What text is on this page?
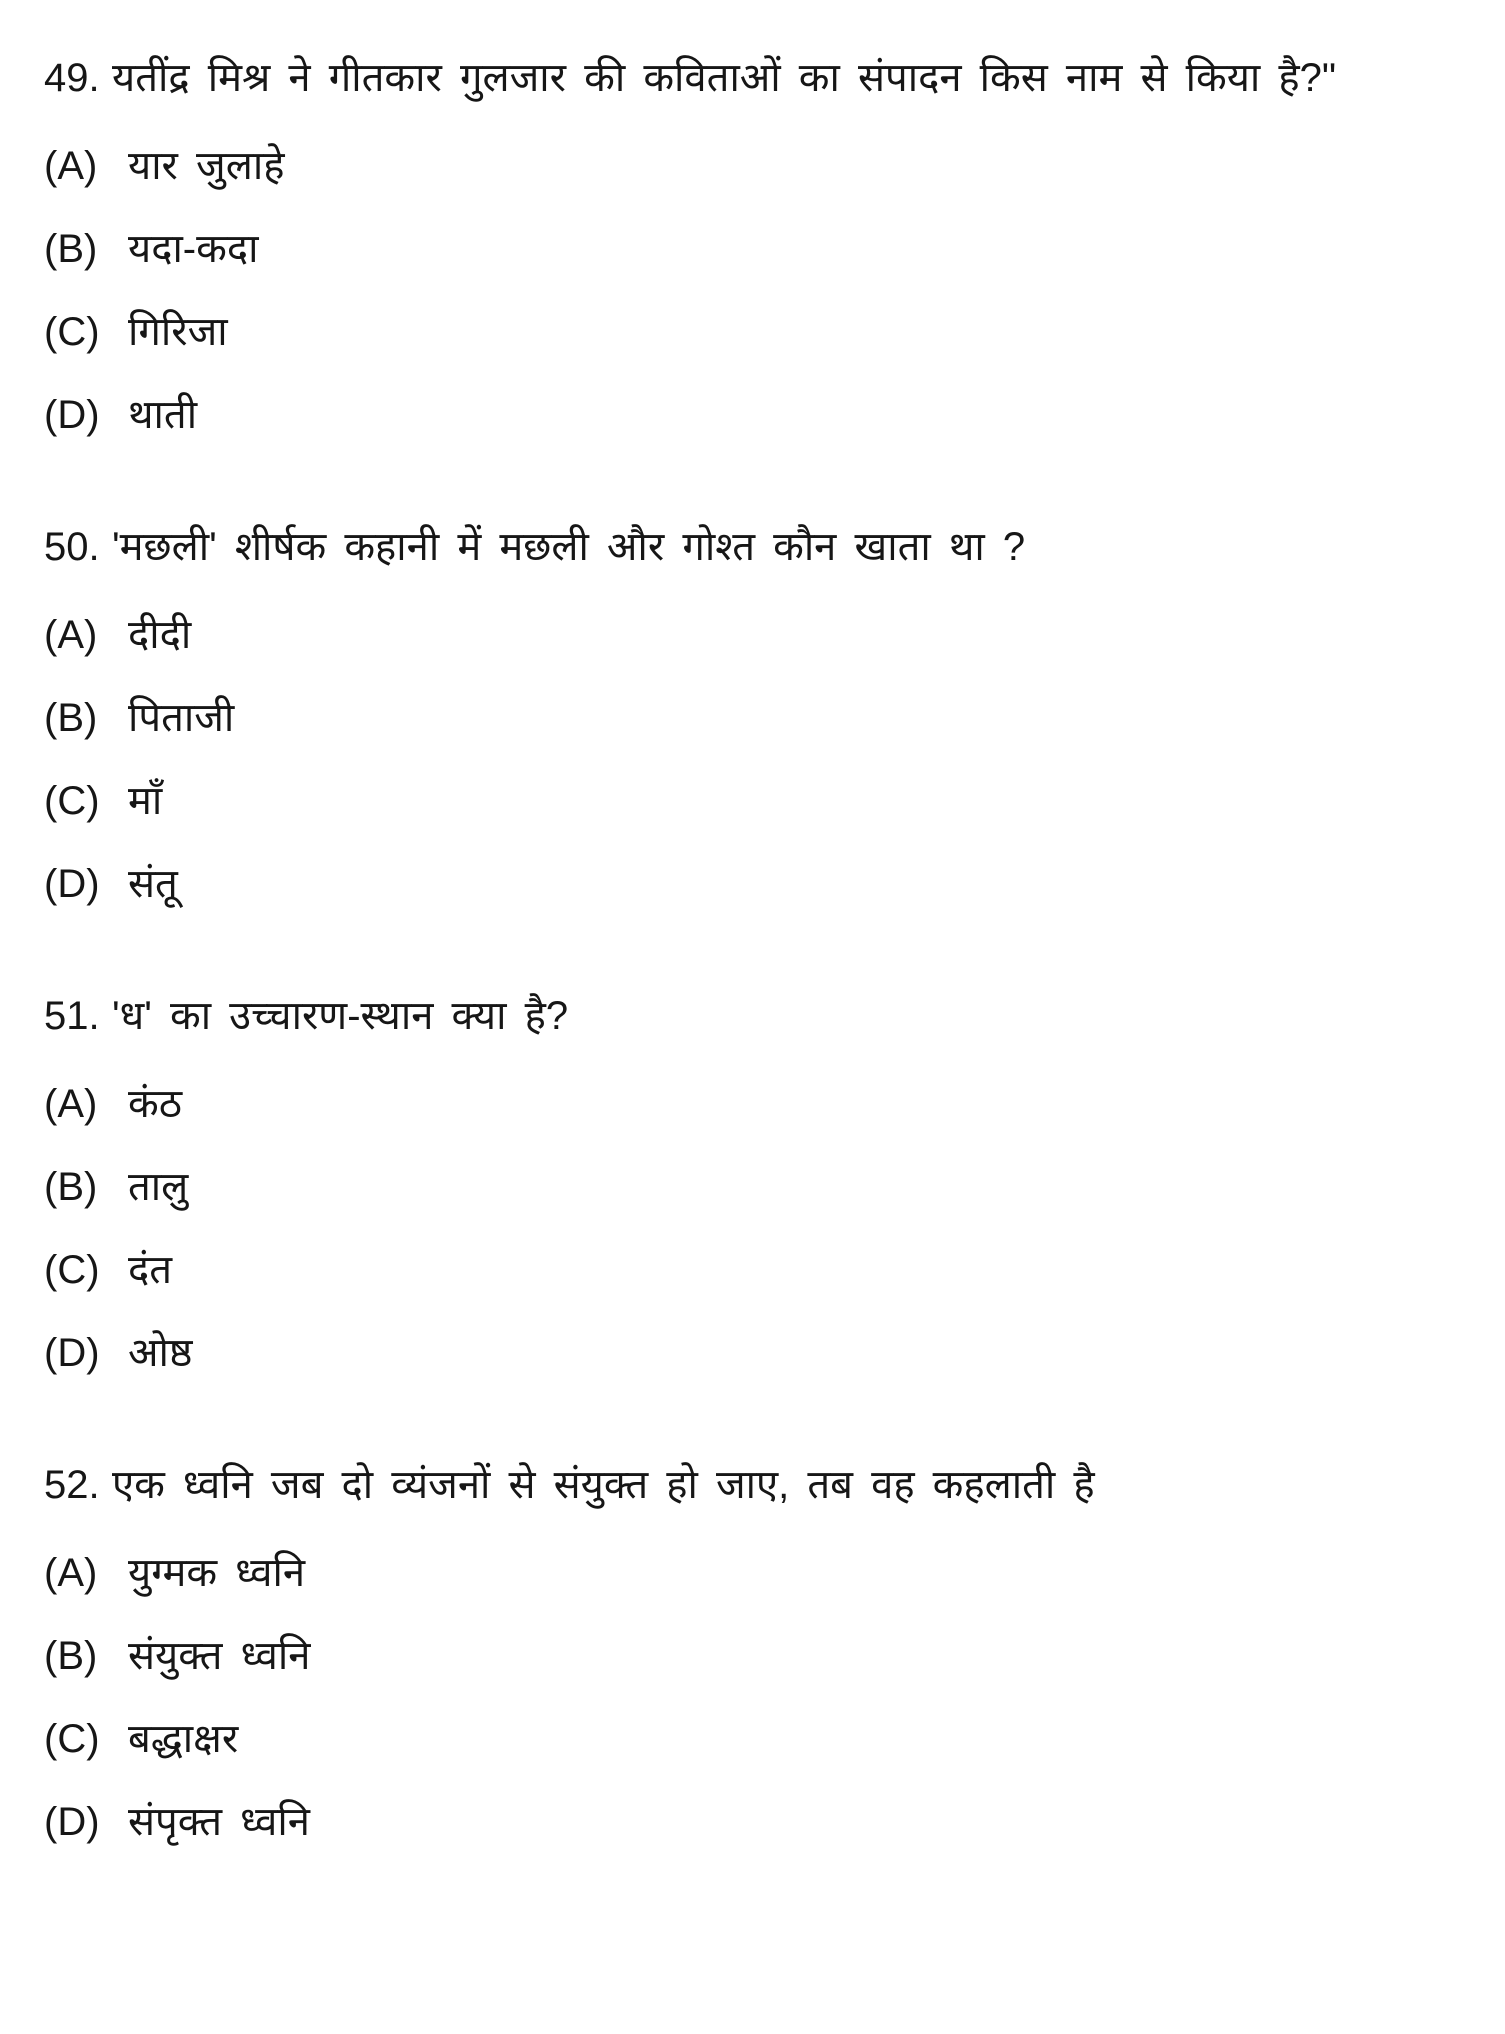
49. यतींद्र मिश्र ने गीतकार गुलजार की कविताओं का संपादन किस नाम से किया है?"
(A) यार जुलाहे
(B) यदा-कदा
(C) गिरिजा
(D) थाती
50. 'मछली' शीर्षक कहानी में मछली और गोश्त कौन खाता था ?
(A) दीदी
(B) पिताजी
(C) माँ
(D) संतू
51. 'ध' का उच्चारण-स्थान क्या है?
(A) कंठ
(B) तालु
(C) दंत
(D) ओष्ठ
52. एक ध्वनि जब दो व्यंजनों से संयुक्त हो जाए, तब वह कहलाती है
(A) युग्मक ध्वनि
(B) संयुक्त ध्वनि
(C) बद्धाक्षर
(D) संपृक्त ध्वनि
